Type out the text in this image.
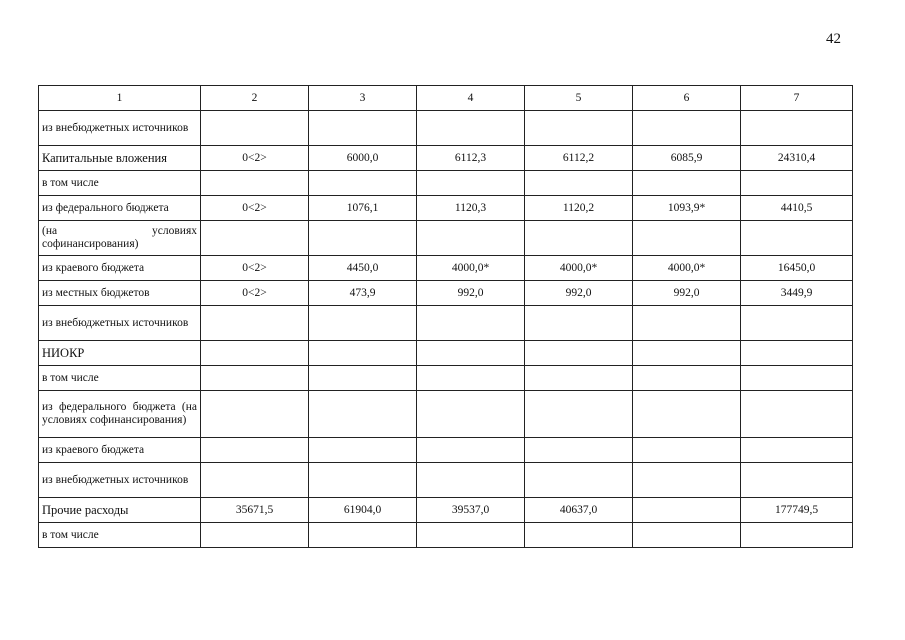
42
1	2	3	4	5	6	7
из внебюджетных источников						
Капитальные вложения	0<2>	6000,0	6112,3	6112,2	6085,9	24310,4
в том числе						
из федерального бюджета	0<2>	1076,1	1120,3	1120,2	1093,9*	4410,5
(на условиях софинансирования)						
из краевого бюджета	0<2>	4450,0	4000,0*	4000,0*	4000,0*	16450,0
из местных бюджетов	0<2>	473,9	992,0	992,0	992,0	3449,9
из внебюджетных источников						
НИОКР						
в том числе						
из федерального бюджета (на условиях софинансирования)						
из краевого бюджета						
из внебюджетных источников						
Прочие расходы	35671,5	61904,0	39537,0	40637,0		177749,5
в том числе						
